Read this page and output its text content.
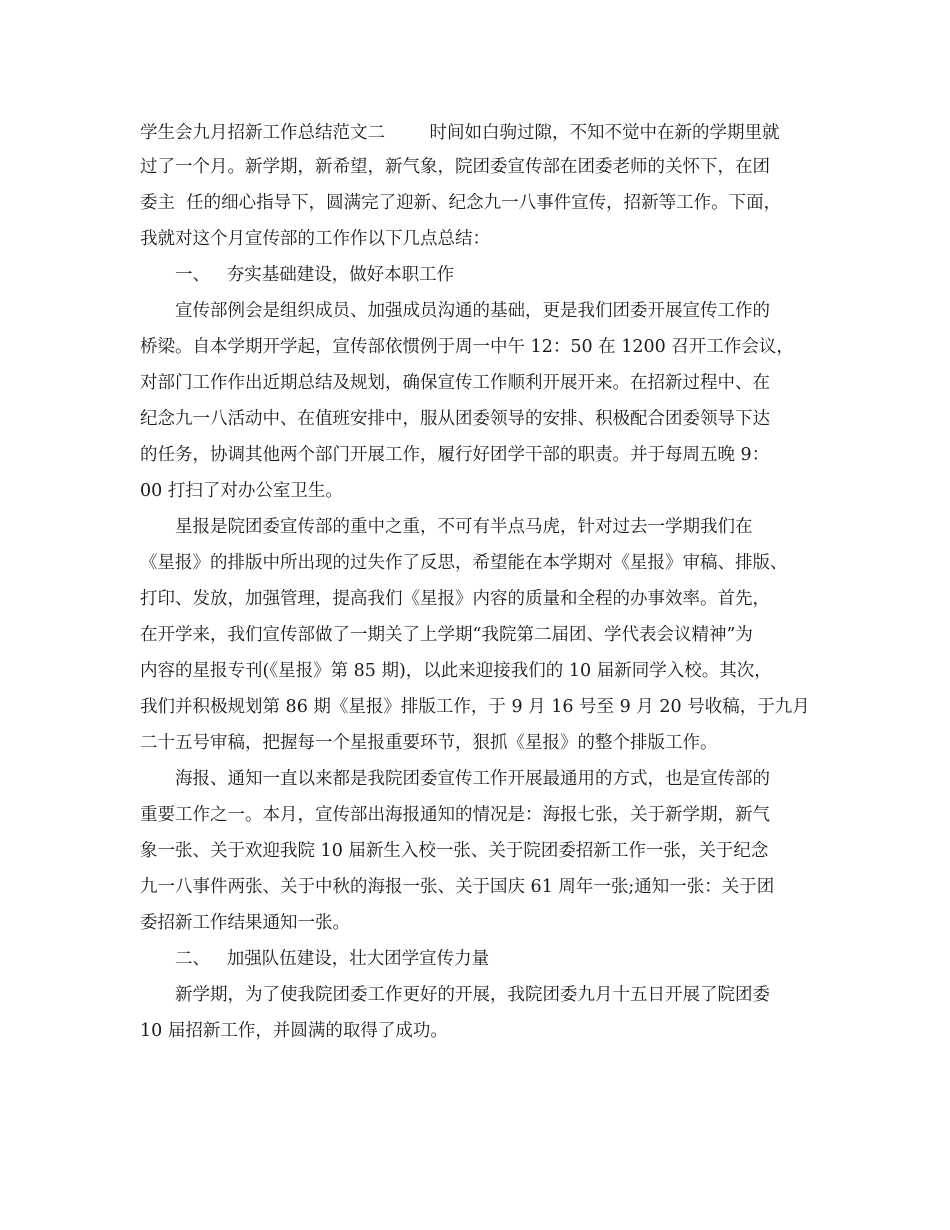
学生会九月招新工作总结范文二        时间如白驹过隙，不知不觉中在新的学期里就

过了一个月。新学期，新希望，新气象，院团委宣传部在团委老师的关怀下，在团

委主  任的细心指导下，圆满完了迎新、纪念九一八事件宣传，招新等工作。下面，

我就对这个月宣传部的工作作以下几点总结：

一、   夯实基础建设，做好本职工作

宣传部例会是组织成员、加强成员沟通的基础，更是我们团委开展宣传工作的

桥梁。自本学期开学起，宣传部依惯例于周一中午 12：50 在 1200 召开工作会议，

对部门工作作出近期总结及规划，确保宣传工作顺利开展开来。在招新过程中、在

纪念九一八活动中、在值班安排中，服从团委领导的安排、积极配合团委领导下达

的任务，协调其他两个部门开展工作，履行好团学干部的职责。并于每周五晚 9：

00 打扫了对办公室卫生。

星报是院团委宣传部的重中之重，不可有半点马虎，针对过去一学期我们在

《星报》的排版中所出现的过失作了反思，希望能在本学期对《星报》审稿、排版、

打印、发放，加强管理，提高我们《星报》内容的质量和全程的办事效率。首先，

在开学来，我们宣传部做了一期关了上学期“我院第二届团、学代表会议精神”为

内容的星报专刊(《星报》第 85 期)，以此来迎接我们的 10 届新同学入校。其次，

我们并积极规划第 86 期《星报》排版工作，于 9 月 16 号至 9 月 20 号收稿，于九月

二十五号审稿，把握每一个星报重要环节，狠抓《星报》的整个排版工作。

海报、通知一直以来都是我院团委宣传工作开展最通用的方式，也是宣传部的

重要工作之一。本月，宣传部出海报通知的情况是：海报七张，关于新学期，新气

象一张、关于欢迎我院 10 届新生入校一张、关于院团委招新工作一张，关于纪念

九一八事件两张、关于中秋的海报一张、关于国庆 61 周年一张;通知一张：关于团

委招新工作结果通知一张。

二、   加强队伍建设，壮大团学宣传力量

新学期，为了使我院团委工作更好的开展，我院团委九月十五日开展了院团委

10 届招新工作，并圆满的取得了成功。
